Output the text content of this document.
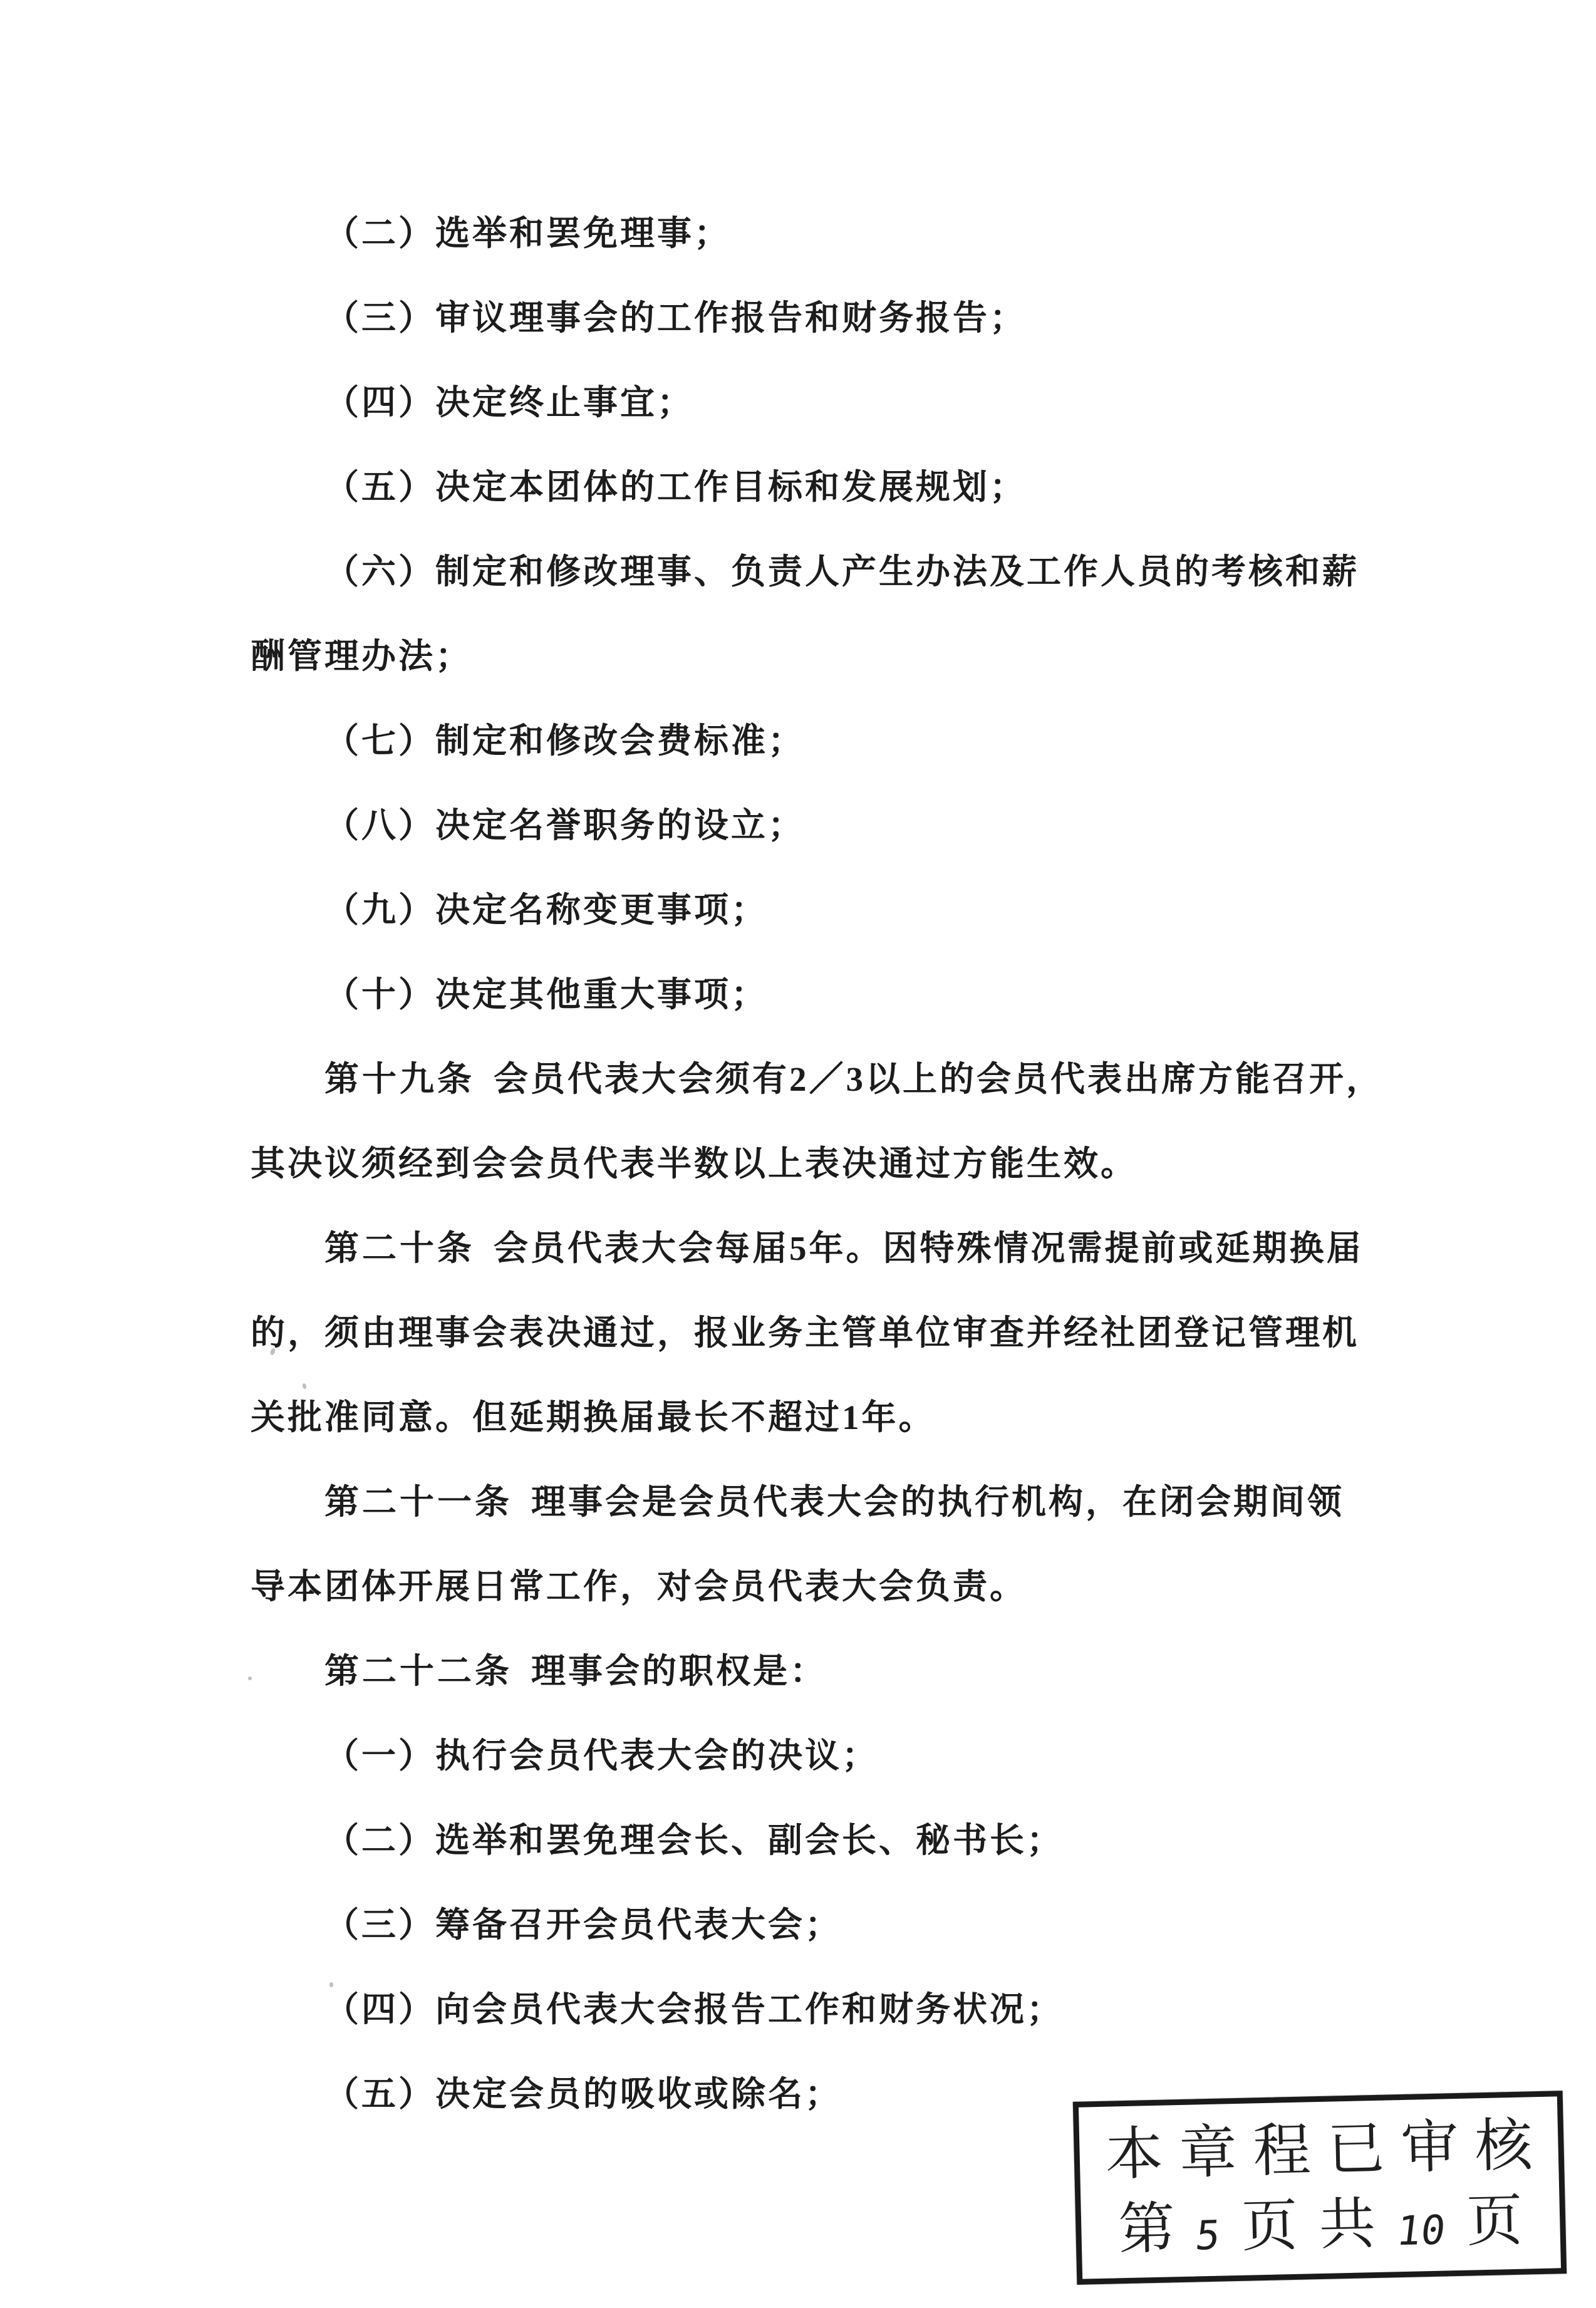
（二）选举和罢免理事；
（三）审议理事会的工作报告和财务报告；
（四）决定终止事宜；
（五）决定本团体的工作目标和发展规划；
（六）制定和修改理事、负责人产生办法及工作人员的考核和薪
酬管理办法；
（七）制定和修改会费标准；
（八）决定名誉职务的设立；
（九）决定名称变更事项；
（十）决定其他重大事项；
第十九条 会员代表大会须有2／3以上的会员代表出席方能召开，
其决议须经到会会员代表半数以上表决通过方能生效。
第二十条 会员代表大会每届5年。因特殊情况需提前或延期换届
的，须由理事会表决通过，报业务主管单位审查并经社团登记管理机
关批准同意。但延期换届最长不超过1年。
第二十一条 理事会是会员代表大会的执行机构，在闭会期间领
导本团体开展日常工作，对会员代表大会负责。
第二十二条 理事会的职权是：
（一）执行会员代表大会的决议；
（二）选举和罢免理会长、副会长、秘书长；
（三）筹备召开会员代表大会；
（四）向会员代表大会报告工作和财务状况；
（五）决定会员的吸收或除名；
本章程已审核
第 5 页 共 10 页
